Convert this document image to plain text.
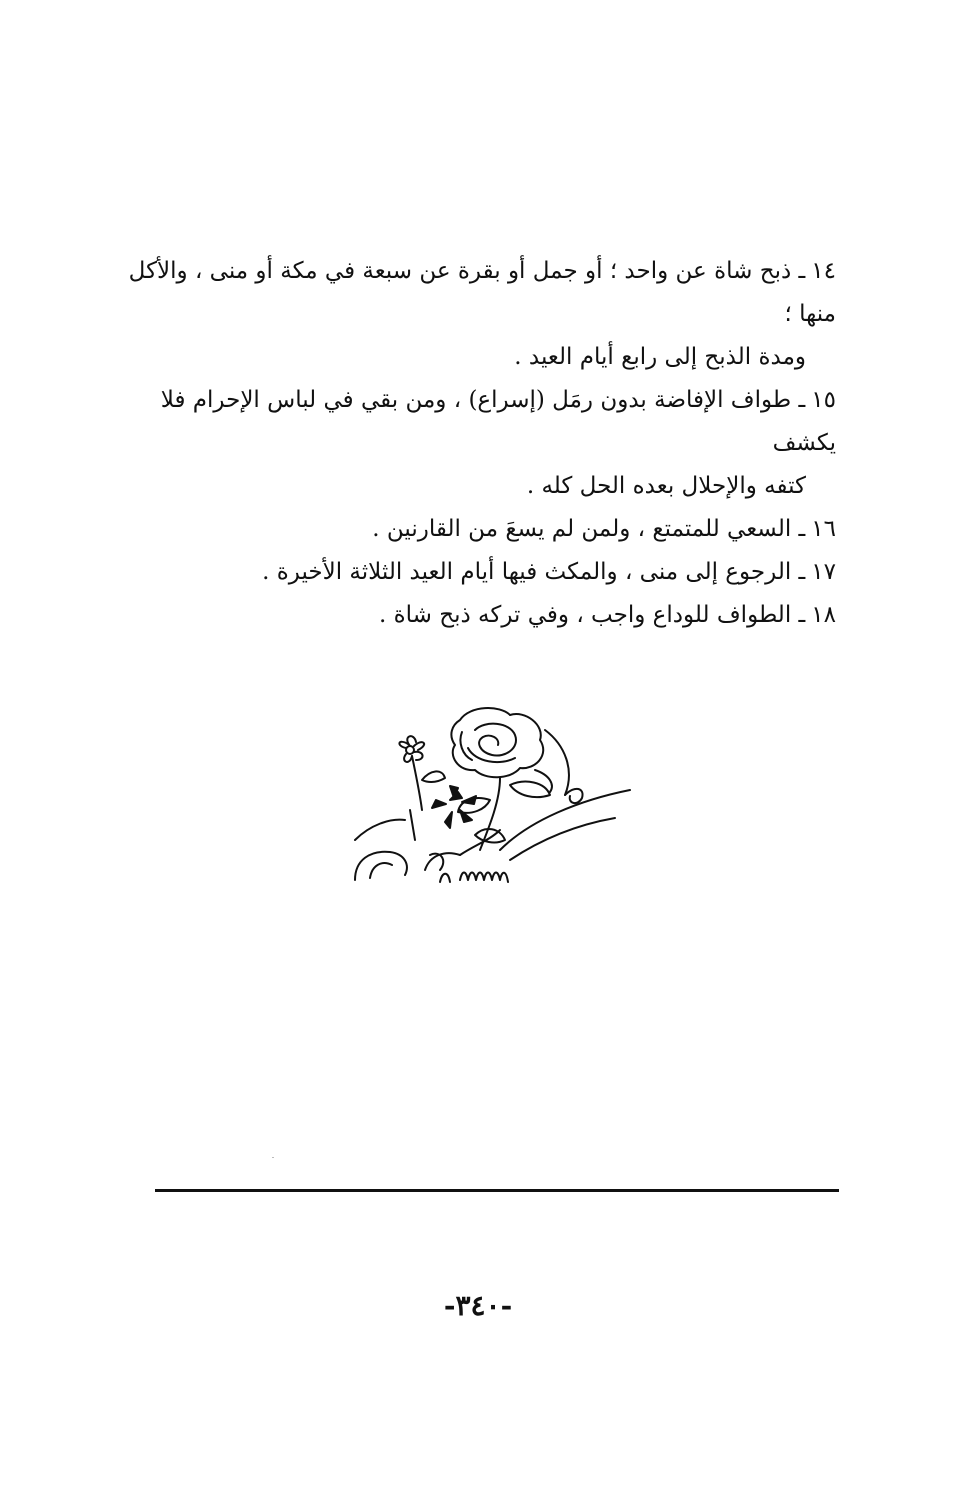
١٤ـ ذبح شاة عن واحد ؛ أو جمل أو بقرة عن سبعة في مكة أو منى ، والأكل منها ؛

ومدة الذبح إلى رابع أيام العيد .

١٥ـ طواف الإفاضة بدون رمَل (إسراع) ، ومن بقي في لباس الإحرام فلا يكشف

كتفه والإحلال بعده الحل كله .

١٦ـ السعي للمتمتع ، ولمن لم يسعَ من القارنين .

١٧ـ الرجوع إلى منى ، والمكث فيها أيام العيد الثلاثة الأخيرة .

١٨ـ الطواف للوداع واجب ، وفي تركه ذبح شاة .

-٣٤٠-
